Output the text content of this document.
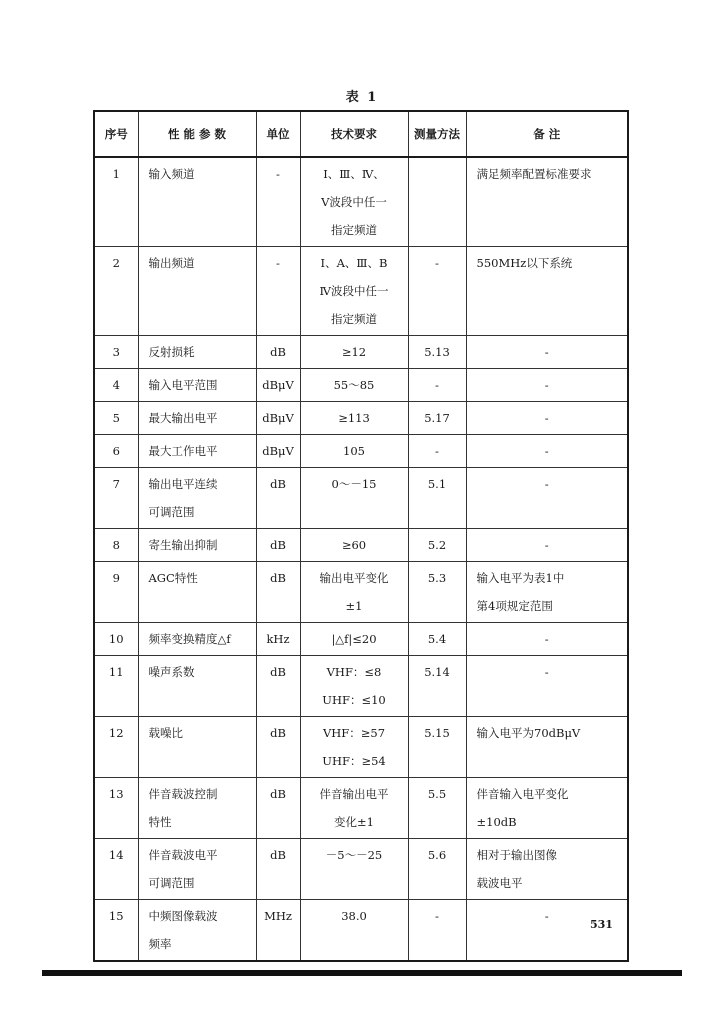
表 1
序号	性 能 参 数	单位	技术要求	测量方法	备 注

1	输入频道	-	Ⅰ、Ⅲ、Ⅳ、
Ⅴ波段中任一
指定频道		满足频率配置标准要求

2	输出频道	-	Ⅰ、A、Ⅲ、B
Ⅳ波段中任一
指定频道	-	550MHz以下系统

3	反射损耗	dB	≥12	5.13	-

4	输入电平范围	dBμV	55～85	-	-

5	最大输出电平	dBμV	≥113	5.17	-

6	最大工作电平	dBμV	105	-	-

7	输出电平连续
可调范围	dB	0～－15	5.1	-

8	寄生输出抑制	dB	≥60	5.2	-

9	AGC特性	dB	输出电平变化
±1	5.3	输入电平为表1中
第4项规定范围

10	频率变换精度△f	kHz	|△f|≤20	5.4	-

11	噪声系数	dB	VHF：≤8
UHF：≤10	5.14	-

12	载噪比	dB	VHF：≥57
UHF：≥54	5.15	输入电平为70dBμV

13	伴音载波控制
特性	dB	伴音输出电平
变化±1	5.5	伴音输入电平变化
±10dB

14	伴音载波电平
可调范围	dB	－5～－25	5.6	相对于输出图像
载波电平

15	中频图像载波
频率	MHz	38.0	-	-
531
